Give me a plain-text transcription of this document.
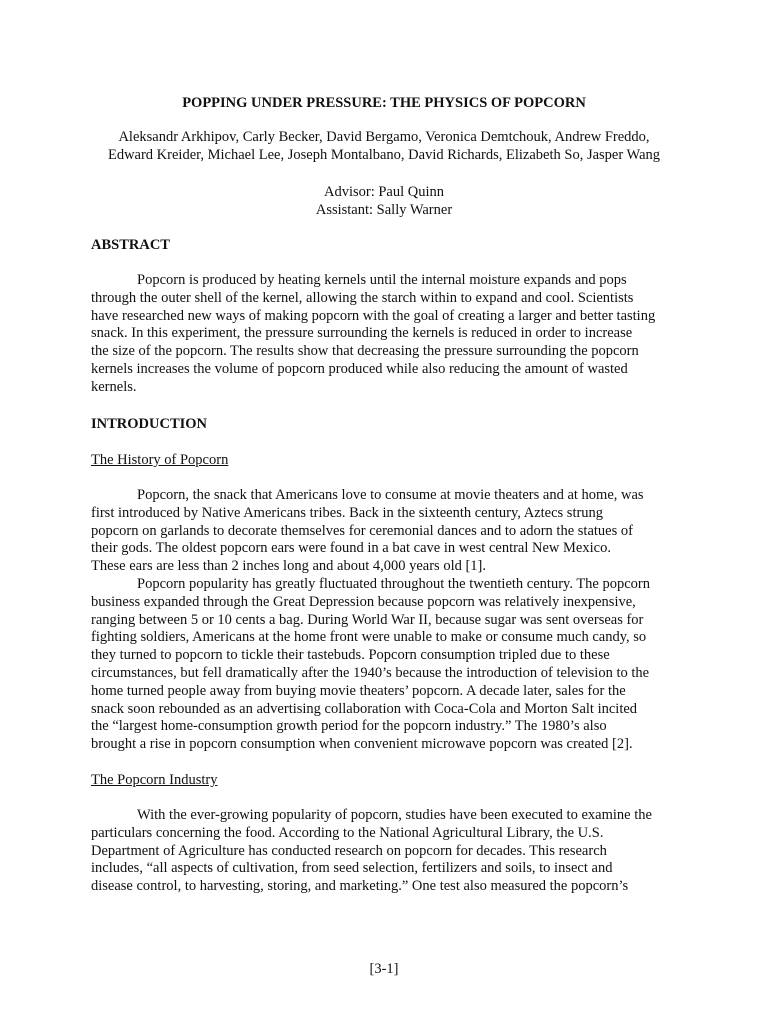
POPPING UNDER PRESSURE: THE PHYSICS OF POPCORN
Aleksandr Arkhipov, Carly Becker, David Bergamo, Veronica Demtchouk, Andrew Freddo,
Edward Kreider, Michael Lee, Joseph Montalbano, David Richards, Elizabeth So, Jasper Wang
Advisor: Paul Quinn
Assistant: Sally Warner
ABSTRACT
Popcorn is produced by heating kernels until the internal moisture expands and pops
through the outer shell of the kernel, allowing the starch within to expand and cool. Scientists
have researched new ways of making popcorn with the goal of creating a larger and better tasting
snack. In this experiment, the pressure surrounding the kernels is reduced in order to increase
the size of the popcorn. The results show that decreasing the pressure surrounding the popcorn
kernels increases the volume of popcorn produced while also reducing the amount of wasted
kernels.
INTRODUCTION
The History of Popcorn
Popcorn, the snack that Americans love to consume at movie theaters and at home, was
first introduced by Native Americans tribes. Back in the sixteenth century, Aztecs strung
popcorn on garlands to decorate themselves for ceremonial dances and to adorn the statues of
their gods. The oldest popcorn ears were found in a bat cave in west central New Mexico.
These ears are less than 2 inches long and about 4,000 years old [1].
Popcorn popularity has greatly fluctuated throughout the twentieth century. The popcorn
business expanded through the Great Depression because popcorn was relatively inexpensive,
ranging between 5 or 10 cents a bag. During World War II, because sugar was sent overseas for
fighting soldiers, Americans at the home front were unable to make or consume much candy, so
they turned to popcorn to tickle their tastebuds. Popcorn consumption tripled due to these
circumstances, but fell dramatically after the 1940’s because the introduction of television to the
home turned people away from buying movie theaters’ popcorn. A decade later, sales for the
snack soon rebounded as an advertising collaboration with Coca-Cola and Morton Salt incited
the “largest home-consumption growth period for the popcorn industry.” The 1980’s also
brought a rise in popcorn consumption when convenient microwave popcorn was created [2].
The Popcorn Industry
With the ever-growing popularity of popcorn, studies have been executed to examine the
particulars concerning the food. According to the National Agricultural Library, the U.S.
Department of Agriculture has conducted research on popcorn for decades. This research
includes, “all aspects of cultivation, from seed selection, fertilizers and soils, to insect and
disease control, to harvesting, storing, and marketing.” One test also measured the popcorn’s
[3-1]
